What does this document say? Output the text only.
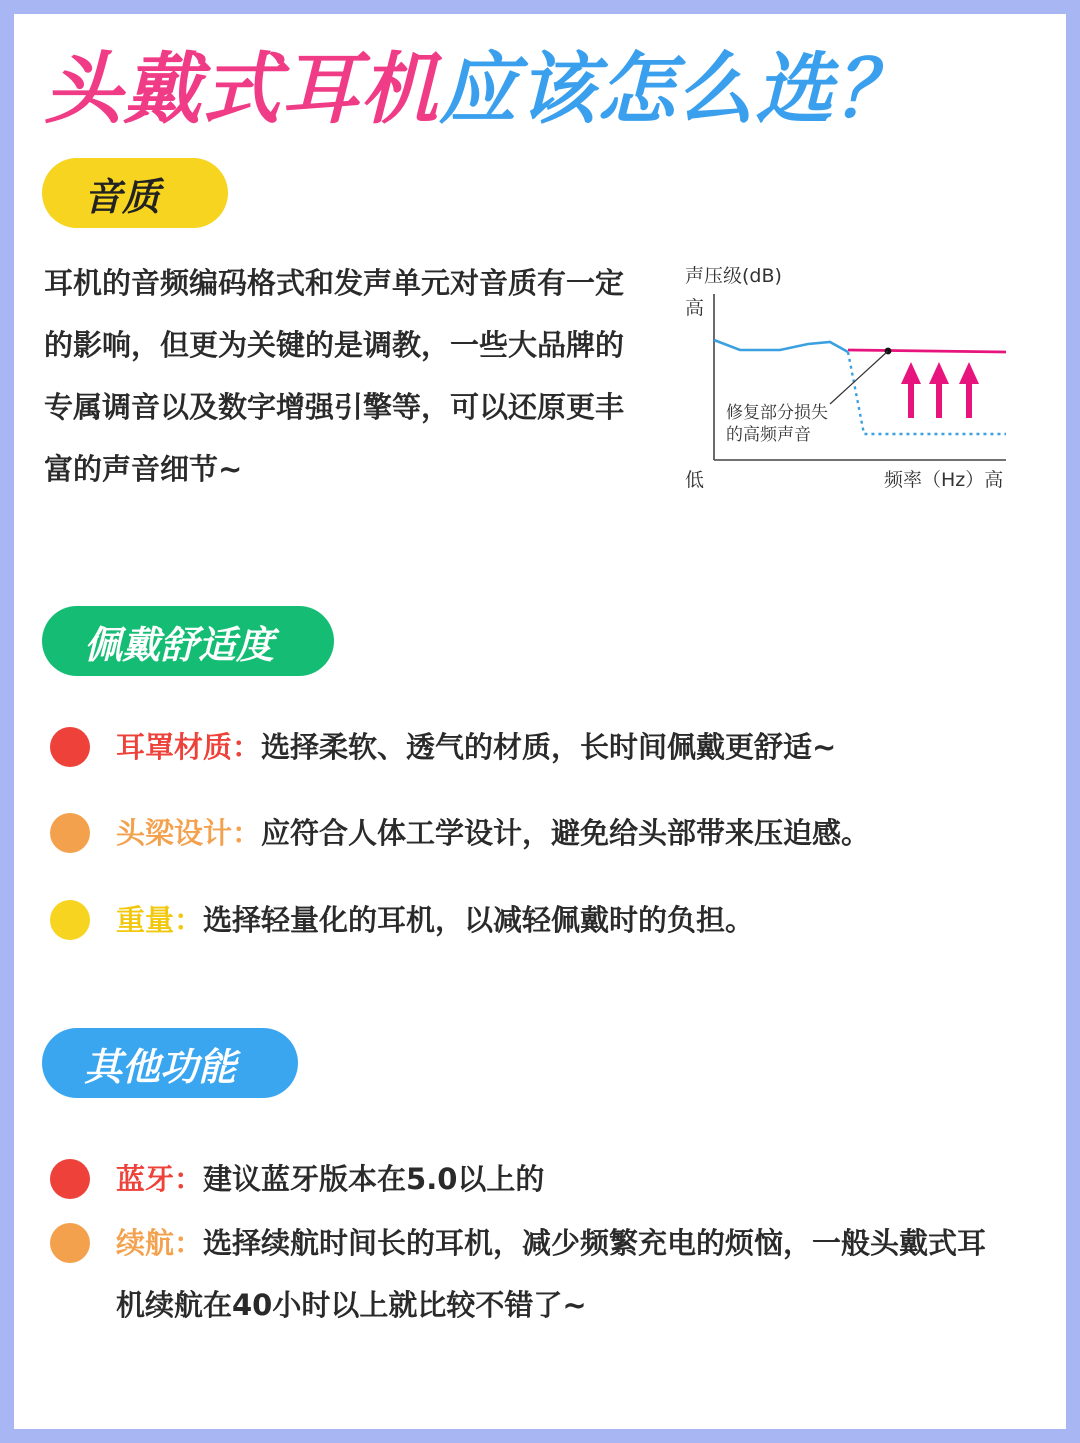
头戴式耳机应该怎么选？
音质

耳机的音频编码格式和发声单元对音质有一定的影响，但更为关键的是调教，一些大品牌的专属调音以及数字增强引擎等，可以还原更丰富的声音细节~

声压级(dB)
高
低	频率（Hz）高
修复部分损失
的高频声音
佩戴舒适度
耳罩材质：选择柔软、透气的材质，长时间佩戴更舒适~
头梁设计：应符合人体工学设计，避免给头部带来压迫感。
重量：选择轻量化的耳机，以减轻佩戴时的负担。
其他功能
蓝牙：建议蓝牙版本在5.0以上的
续航：选择续航时间长的耳机，减少频繁充电的烦恼，一般头戴式耳机续航在40小时以上就比较不错了~
